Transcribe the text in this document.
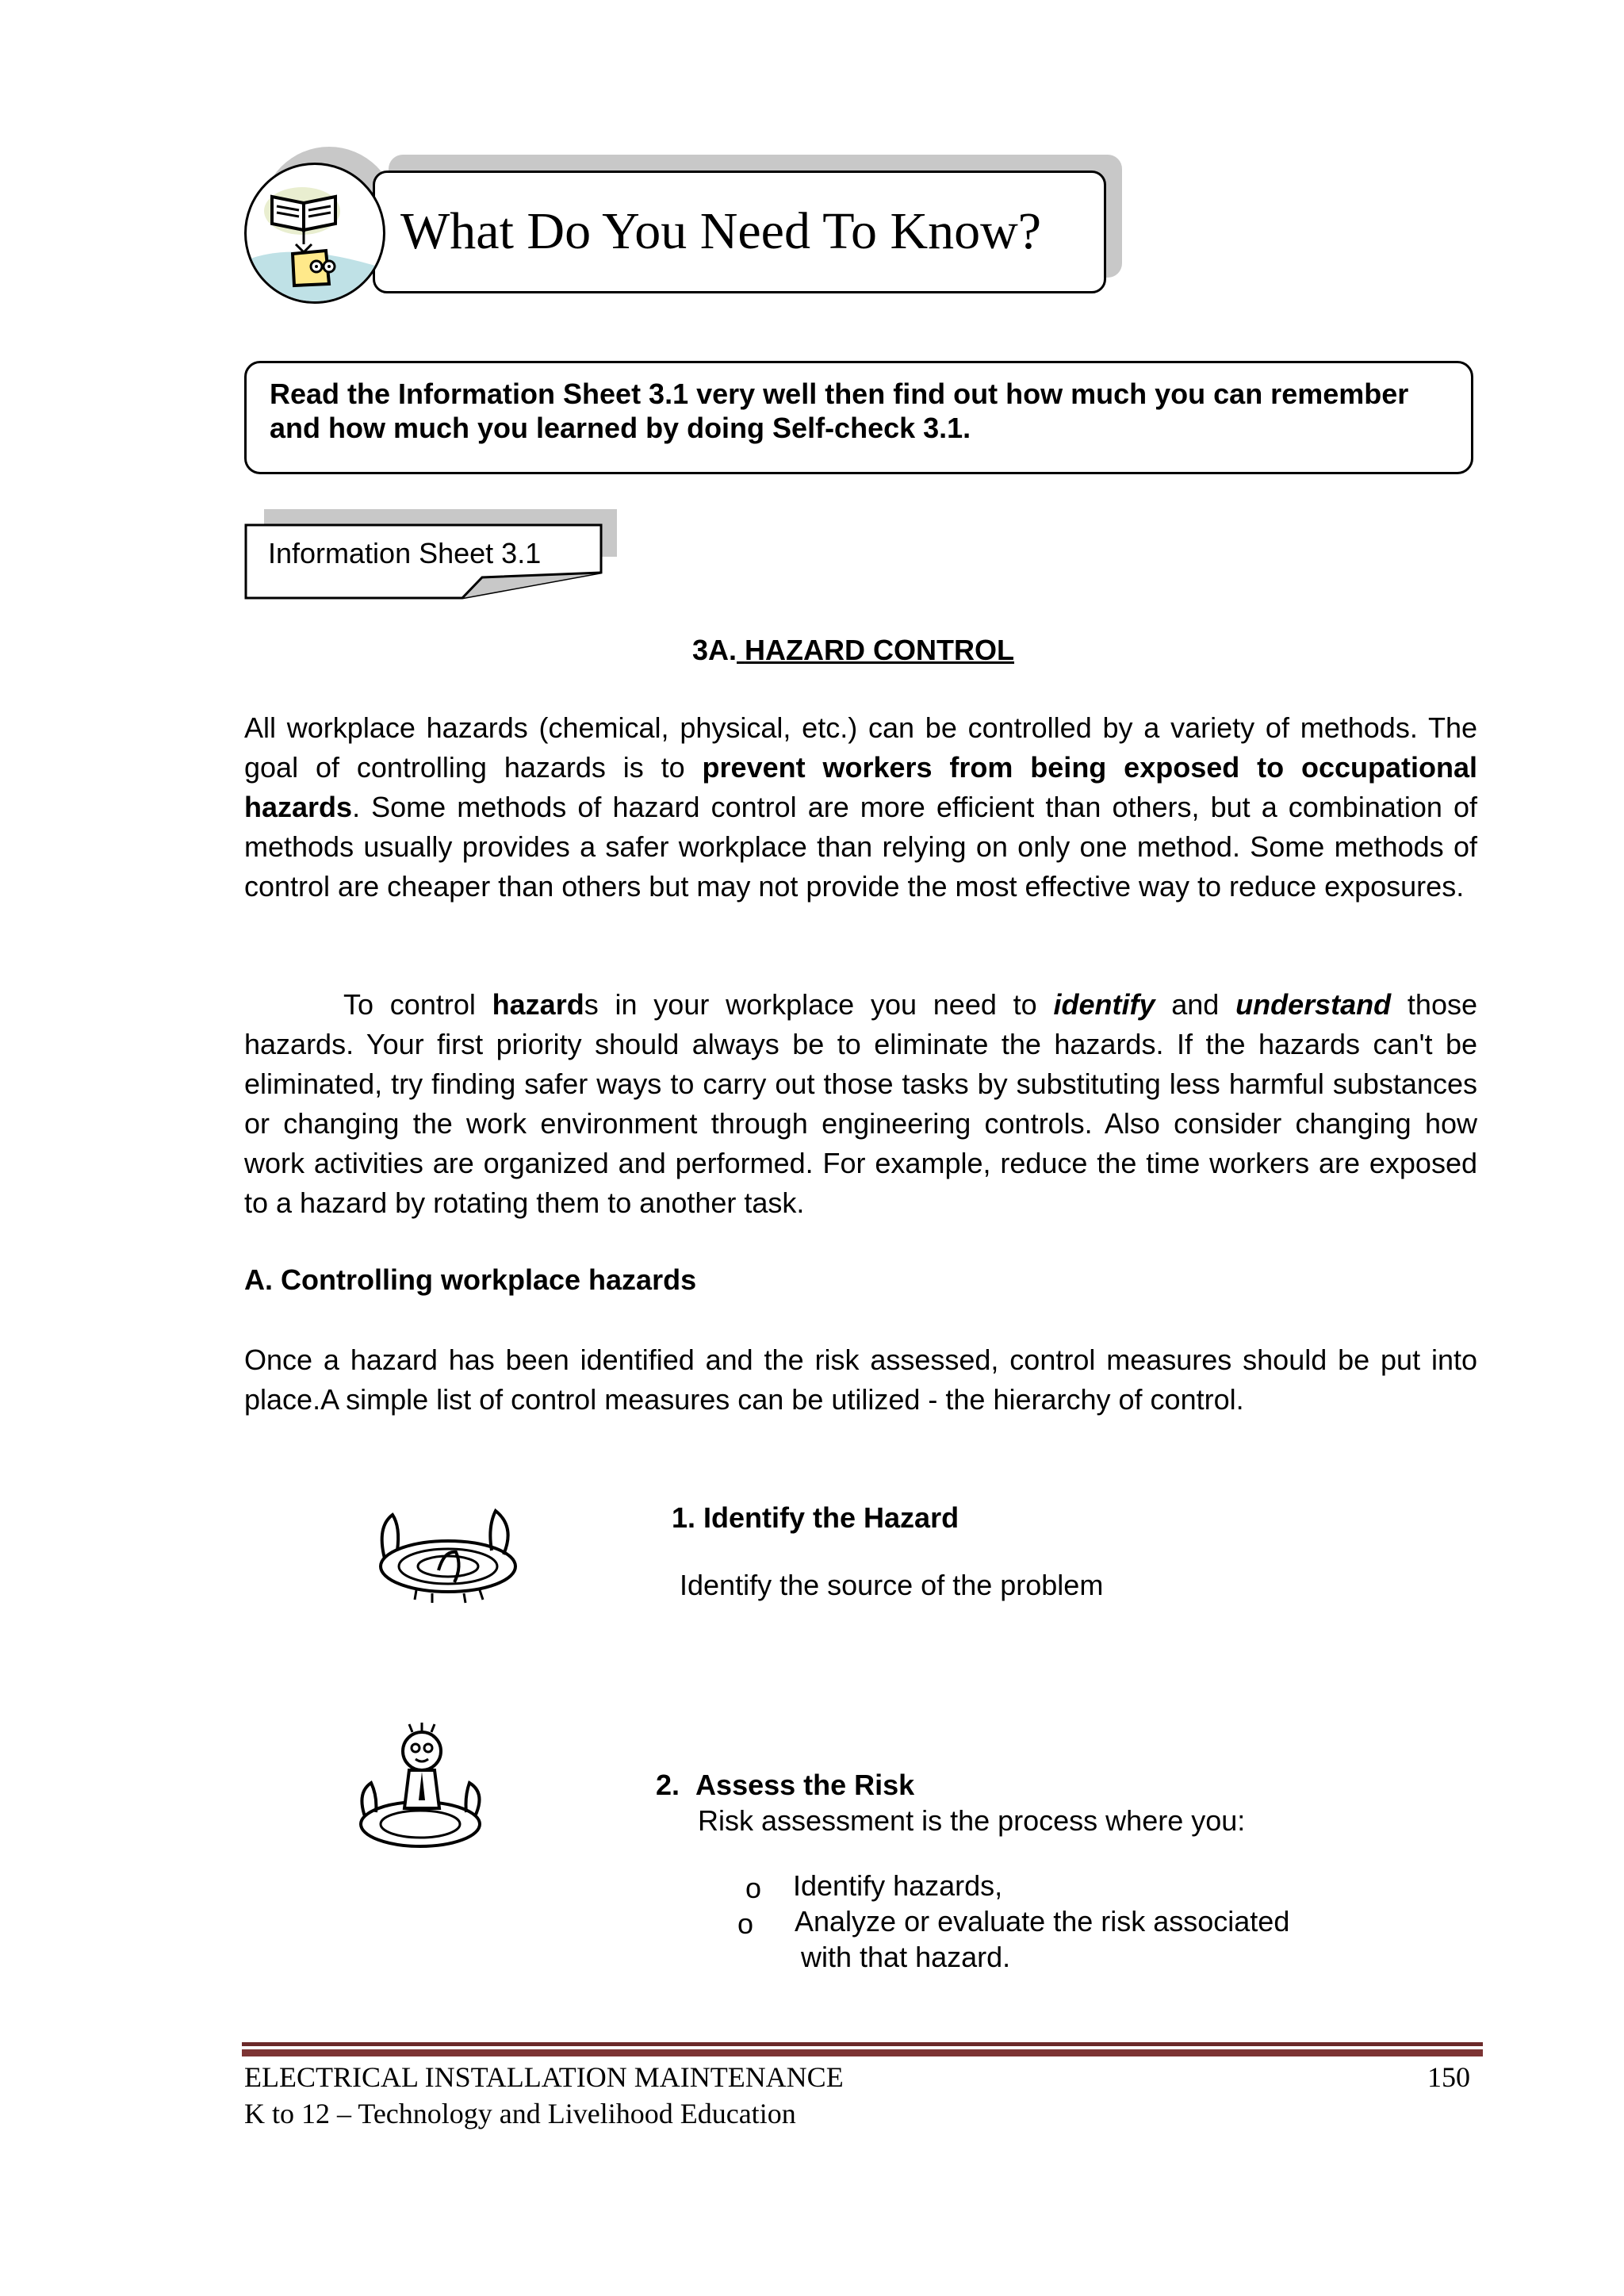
What Do You Need To Know?
Read the Information Sheet 3.1 very well then find out how much you can remember and how much you learned by doing Self-check 3.1.
Information Sheet 3.1
3A. HAZARD CONTROL
All workplace hazards (chemical, physical, etc.) can be controlled by a variety of methods. The goal of controlling hazards is to prevent workers from being exposed to occupational hazards. Some methods of hazard control are more efficient than others, but a combination of methods usually provides a safer workplace than relying on only one method. Some methods of control are cheaper than others but may not provide the most effective way to reduce exposures.
To control hazards in your workplace you need to identify and understand those hazards. Your first priority should always be to eliminate the hazards. If the hazards can't be eliminated, try finding safer ways to carry out those tasks by substituting less harmful substances or changing the work environment through engineering controls. Also consider changing how work activities are organized and performed. For example, reduce the time workers are exposed to a hazard by rotating them to another task.
A. Controlling workplace hazards
Once a hazard has been identified and the risk assessed, control measures should be put into place.A simple list of control measures can be utilized - the hierarchy of control.
1. Identify the Hazard
Identify the source of the problem
2. Assess the Risk
Risk assessment is the process where you:
o Identify hazards,
o Analyze or evaluate the risk associated
with that hazard.
ELECTRICAL INSTALLATION MAINTENANCE
K to 12 – Technology and Livelihood Education
150
